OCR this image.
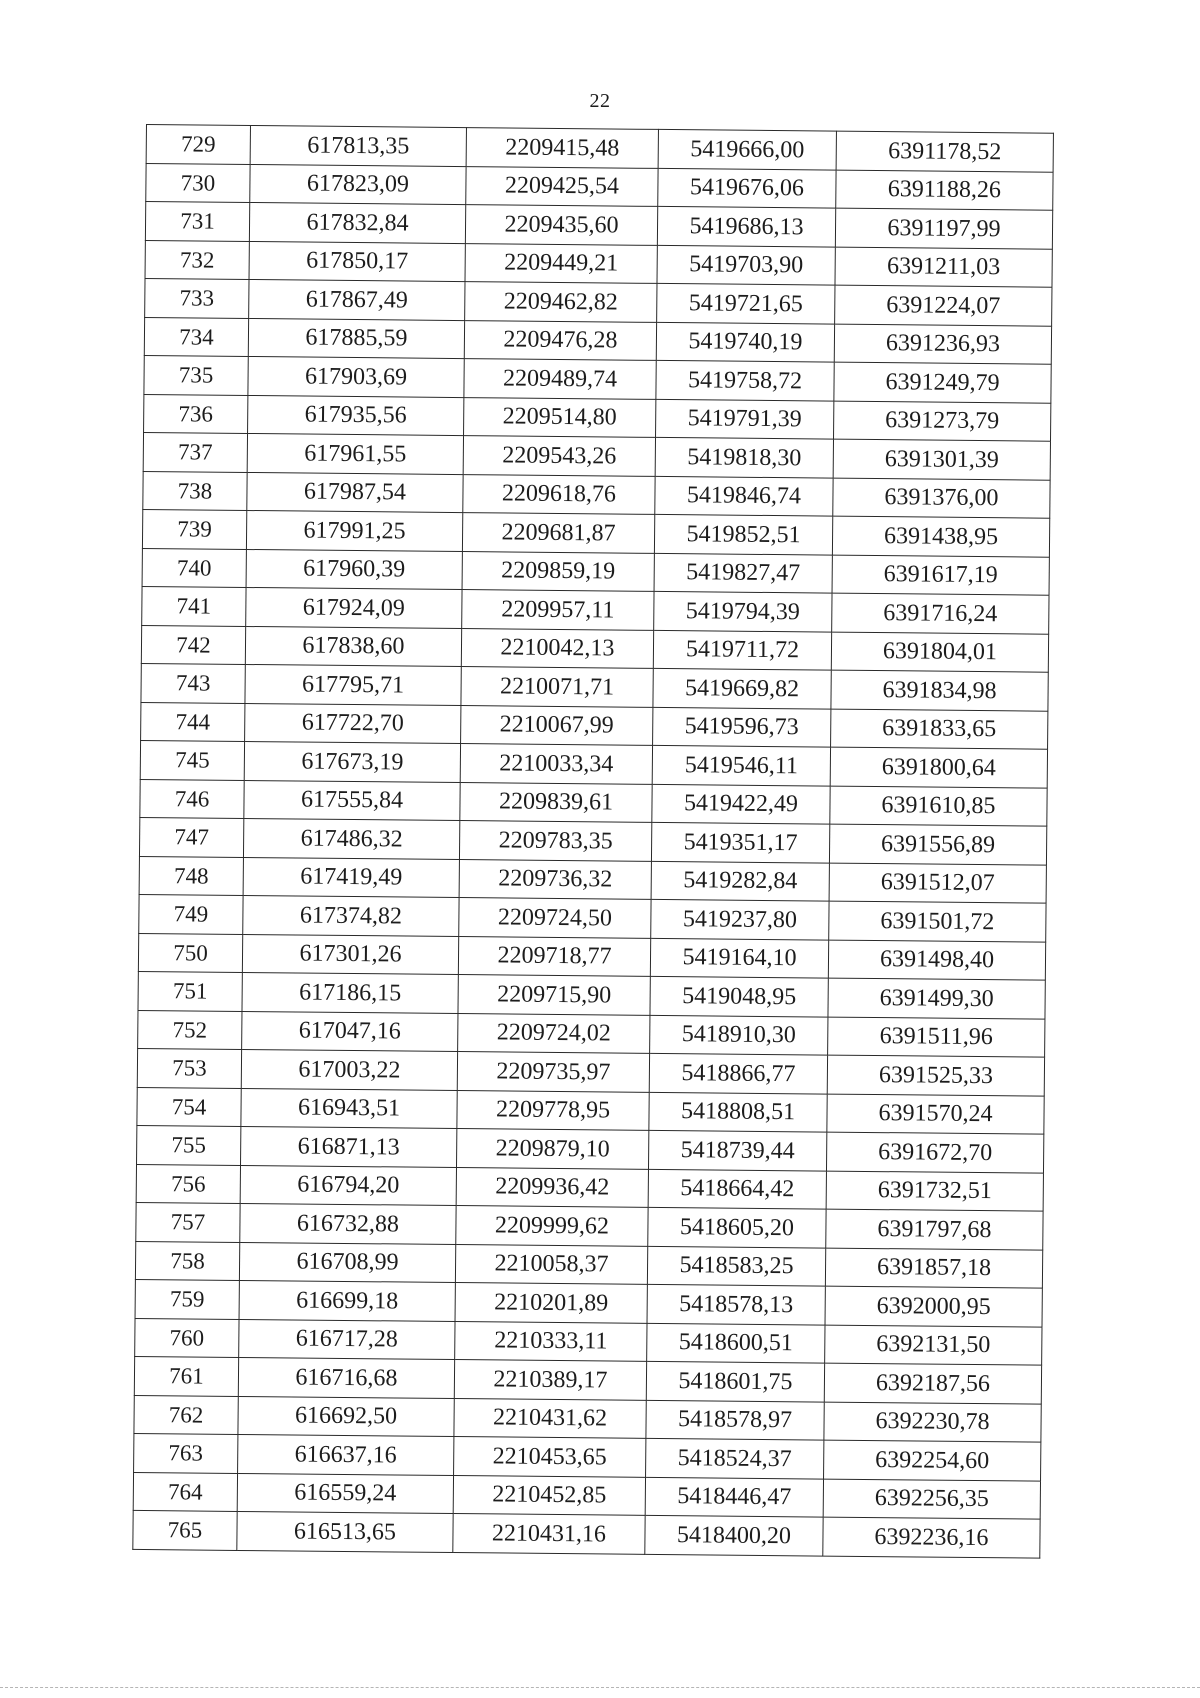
22
729	617813,35	2209415,48	5419666,00	6391178,52
730	617823,09	2209425,54	5419676,06	6391188,26
731	617832,84	2209435,60	5419686,13	6391197,99
732	617850,17	2209449,21	5419703,90	6391211,03
733	617867,49	2209462,82	5419721,65	6391224,07
734	617885,59	2209476,28	5419740,19	6391236,93
735	617903,69	2209489,74	5419758,72	6391249,79
736	617935,56	2209514,80	5419791,39	6391273,79
737	617961,55	2209543,26	5419818,30	6391301,39
738	617987,54	2209618,76	5419846,74	6391376,00
739	617991,25	2209681,87	5419852,51	6391438,95
740	617960,39	2209859,19	5419827,47	6391617,19
741	617924,09	2209957,11	5419794,39	6391716,24
742	617838,60	2210042,13	5419711,72	6391804,01
743	617795,71	2210071,71	5419669,82	6391834,98
744	617722,70	2210067,99	5419596,73	6391833,65
745	617673,19	2210033,34	5419546,11	6391800,64
746	617555,84	2209839,61	5419422,49	6391610,85
747	617486,32	2209783,35	5419351,17	6391556,89
748	617419,49	2209736,32	5419282,84	6391512,07
749	617374,82	2209724,50	5419237,80	6391501,72
750	617301,26	2209718,77	5419164,10	6391498,40
751	617186,15	2209715,90	5419048,95	6391499,30
752	617047,16	2209724,02	5418910,30	6391511,96
753	617003,22	2209735,97	5418866,77	6391525,33
754	616943,51	2209778,95	5418808,51	6391570,24
755	616871,13	2209879,10	5418739,44	6391672,70
756	616794,20	2209936,42	5418664,42	6391732,51
757	616732,88	2209999,62	5418605,20	6391797,68
758	616708,99	2210058,37	5418583,25	6391857,18
759	616699,18	2210201,89	5418578,13	6392000,95
760	616717,28	2210333,11	5418600,51	6392131,50
761	616716,68	2210389,17	5418601,75	6392187,56
762	616692,50	2210431,62	5418578,97	6392230,78
763	616637,16	2210453,65	5418524,37	6392254,60
764	616559,24	2210452,85	5418446,47	6392256,35
765	616513,65	2210431,16	5418400,20	6392236,16
